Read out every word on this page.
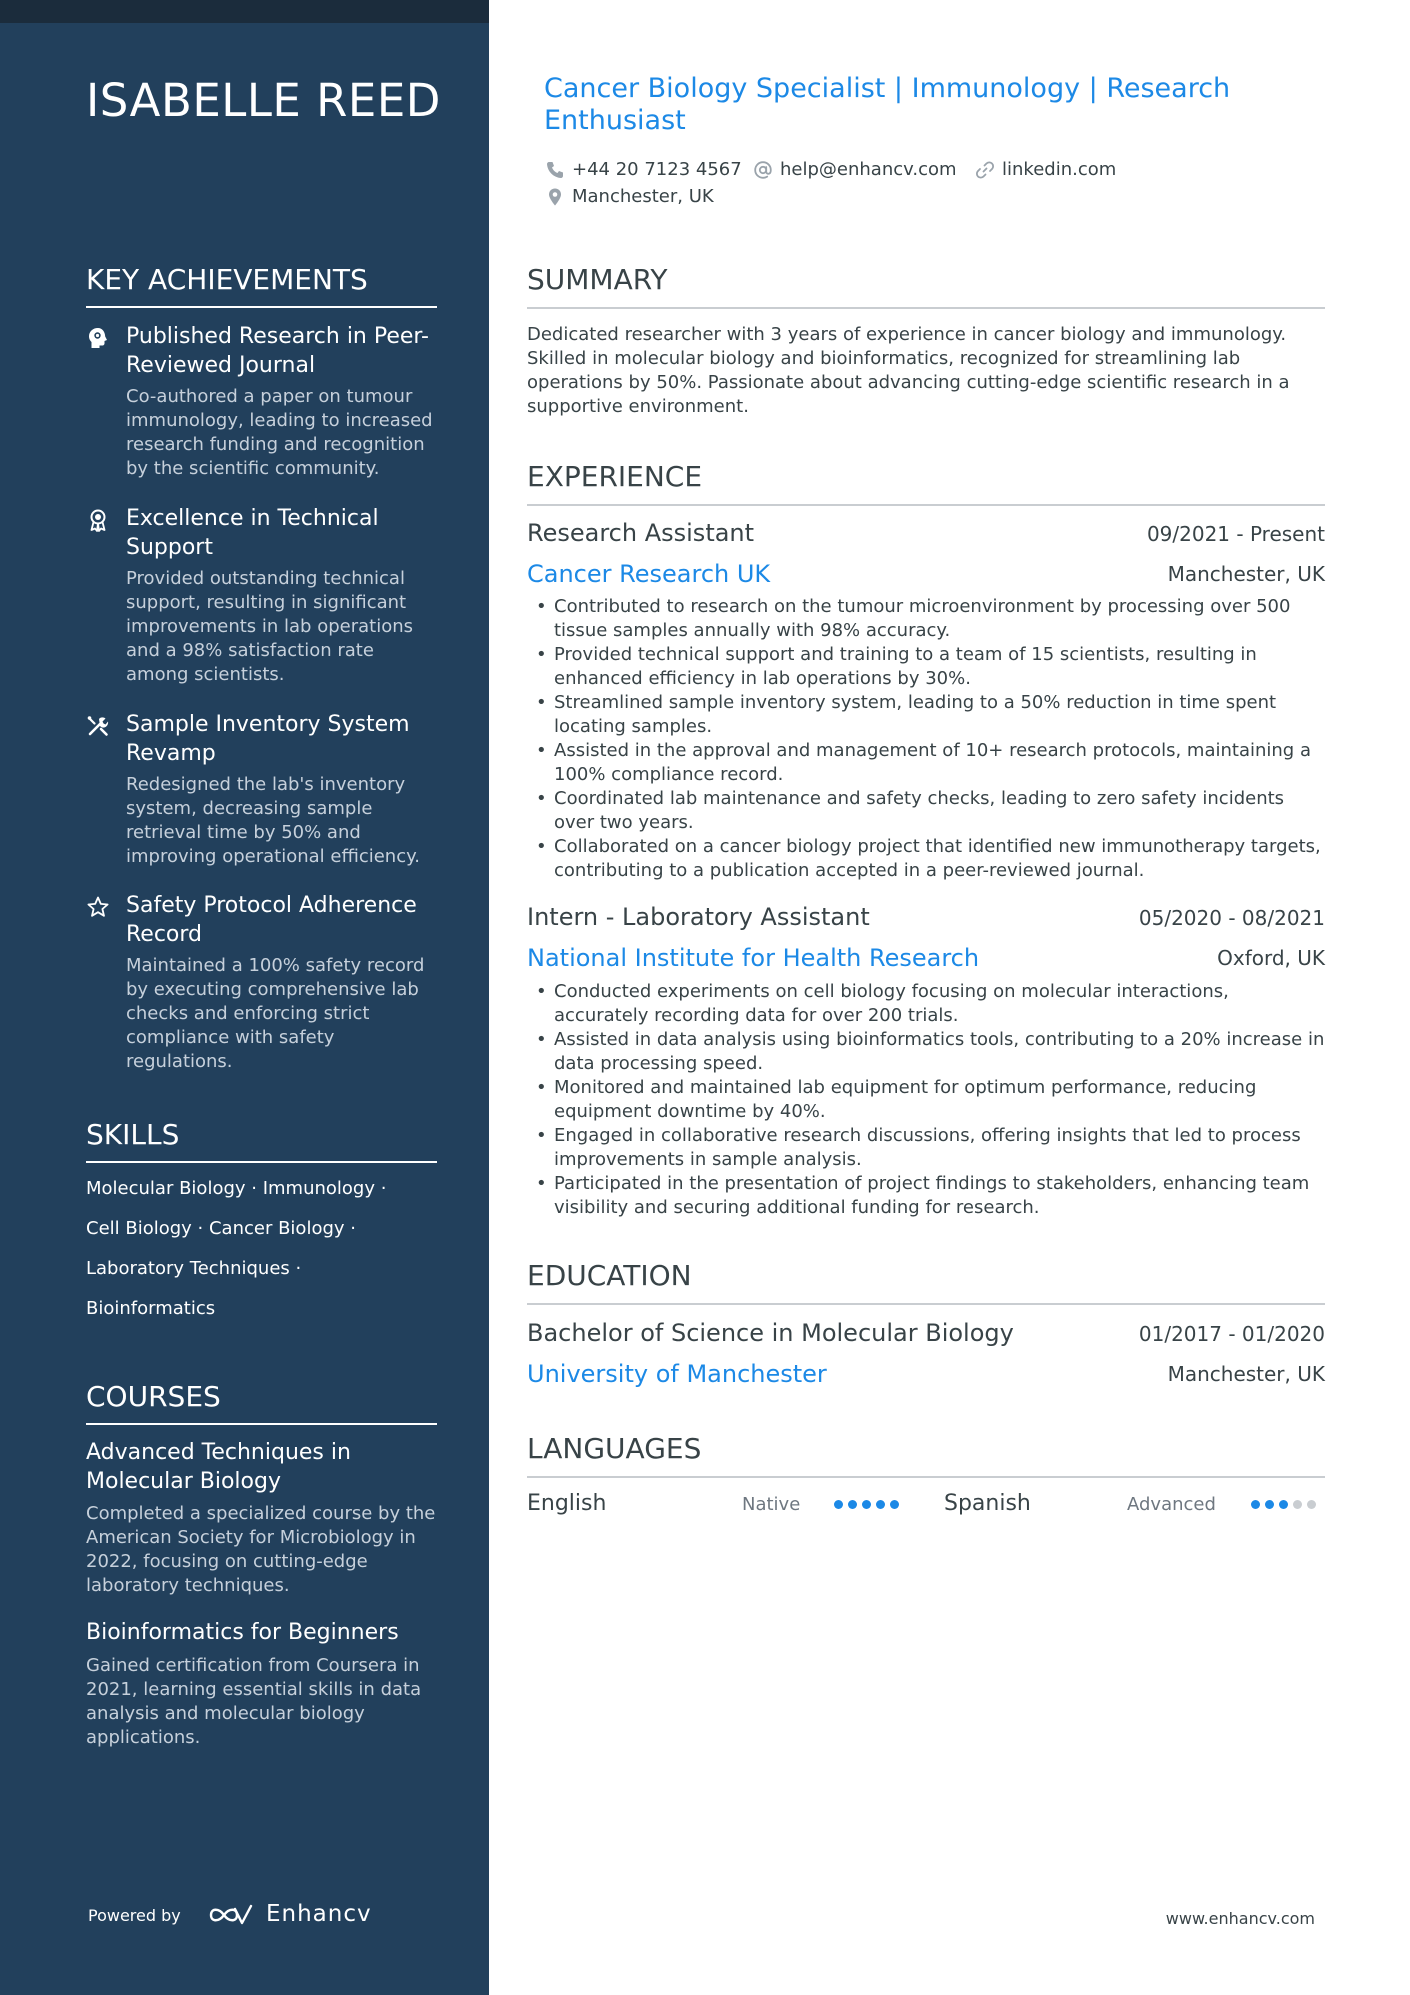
ISABELLE REED
KEY ACHIEVEMENTS
Published Research in Peer-Reviewed Journal
Co-authored a paper on tumour immunology, leading to increased research funding and recognition by the scientific community.
Excellence in Technical Support
Provided outstanding technical support, resulting in significant improvements in lab operations and a 98% satisfaction rate among scientists.
Sample Inventory System Revamp
Redesigned the lab's inventory system, decreasing sample retrieval time by 50% and improving operational efficiency.
Safety Protocol Adherence Record
Maintained a 100% safety record by executing comprehensive lab checks and enforcing strict compliance with safety regulations.
SKILLS
Molecular Biology · Immunology ·
Cell Biology · Cancer Biology ·
Laboratory Techniques ·
Bioinformatics
COURSES
Advanced Techniques in Molecular Biology
Completed a specialized course by the American Society for Microbiology in 2022, focusing on cutting-edge laboratory techniques.
Bioinformatics for Beginners
Gained certification from Coursera in 2021, learning essential skills in data analysis and molecular biology applications.
Powered by	Enhancv
Cancer Biology Specialist | Immunology | Research Enthusiast
+44 20 7123 4567 help@enhancv.com	linkedin.com
Manchester, UK
SUMMARY
Dedicated researcher with 3 years of experience in cancer biology and immunology. Skilled in molecular biology and bioinformatics, recognized for streamlining lab operations by 50%. Passionate about advancing cutting-edge scientific research in a supportive environment.
EXPERIENCE
Research Assistant	09/2021 - Present
Cancer Research UK	Manchester, UK
• Contributed to research on the tumour microenvironment by processing over 500 tissue samples annually with 98% accuracy.
• Provided technical support and training to a team of 15 scientists, resulting in enhanced efficiency in lab operations by 30%.
• Streamlined sample inventory system, leading to a 50% reduction in time spent locating samples.
• Assisted in the approval and management of 10+ research protocols, maintaining a 100% compliance record.
• Coordinated lab maintenance and safety checks, leading to zero safety incidents over two years.
• Collaborated on a cancer biology project that identified new immunotherapy targets, contributing to a publication accepted in a peer-reviewed journal.
Intern - Laboratory Assistant	05/2020 - 08/2021
National Institute for Health Research	Oxford, UK
• Conducted experiments on cell biology focusing on molecular interactions, accurately recording data for over 200 trials.
• Assisted in data analysis using bioinformatics tools, contributing to a 20% increase in data processing speed.
• Monitored and maintained lab equipment for optimum performance, reducing equipment downtime by 40%.
• Engaged in collaborative research discussions, offering insights that led to process improvements in sample analysis.
• Participated in the presentation of project findings to stakeholders, enhancing team visibility and securing additional funding for research.
EDUCATION
Bachelor of Science in Molecular Biology	01/2017 - 01/2020
University of Manchester	Manchester, UK
LANGUAGES
English	Native	Spanish	Advanced
www.enhancv.com
